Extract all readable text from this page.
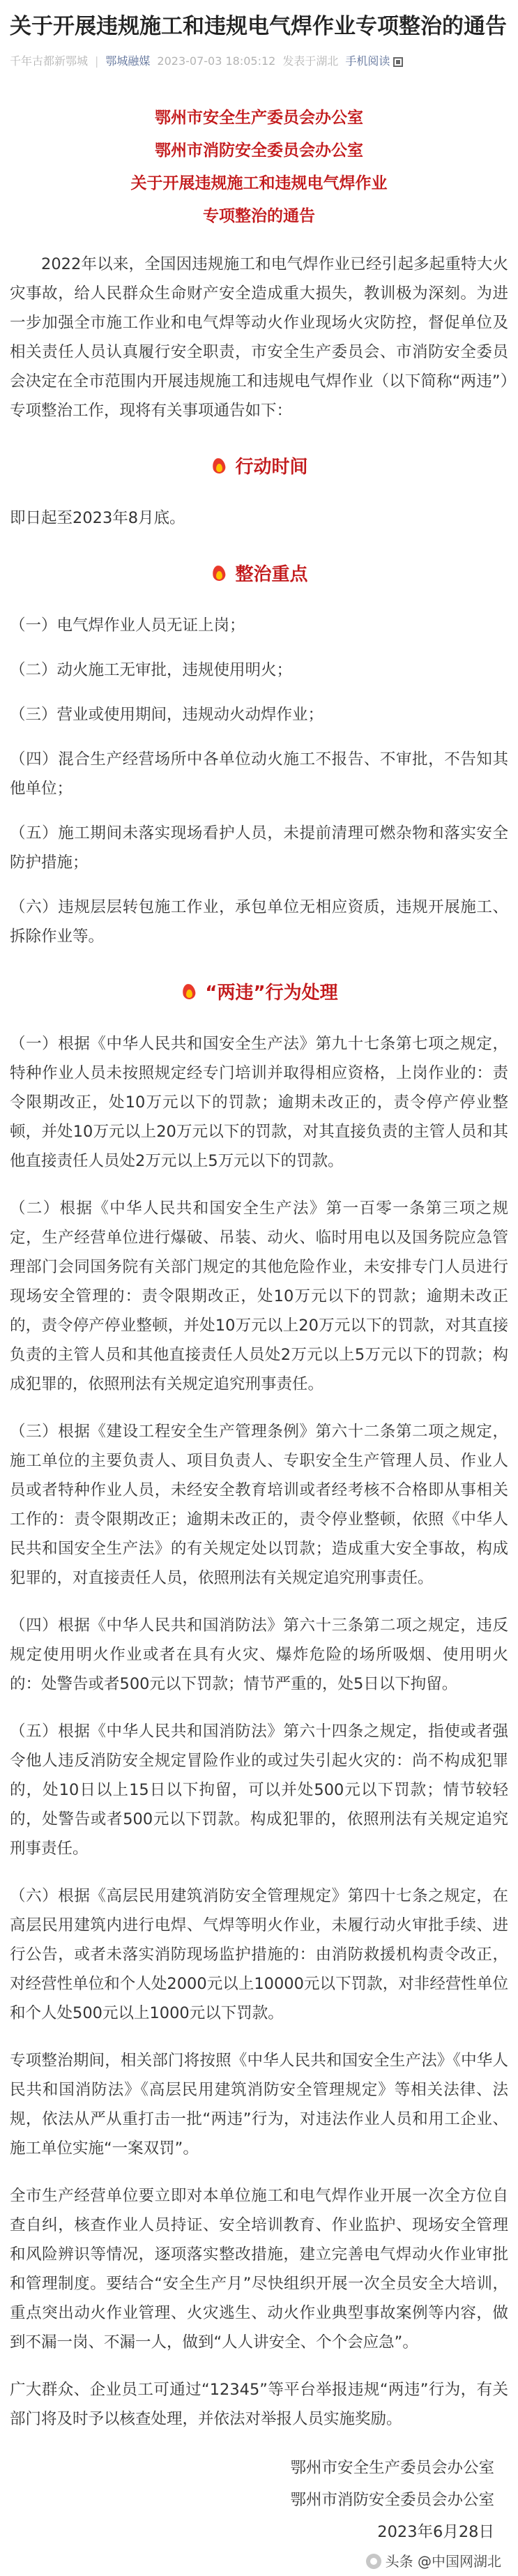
关于开展违规施工和违规电气焊作业专项整治的通告
千年古都新鄂城 | 鄂城融媒 2023-07-03 18:05:12 发表于湖北 手机阅读
鄂州市安全生产委员会办公室
鄂州市消防安全委员会办公室
关于开展违规施工和违规电气焊作业
专项整治的通告

2022年以来，全国因违规施工和电气焊作业已经引起多起重特大火灾事故，给人民群众生命财产安全造成重大损失，教训极为深刻。为进一步加强全市施工作业和电气焊等动火作业现场火灾防控，督促单位及相关责任人员认真履行安全职责，市安全生产委员会、市消防安全委员会决定在全市范围内开展违规施工和违规电气焊作业（以下简称“两违”）专项整治工作，现将有关事项通告如下：

行动时间

即日起至2023年8月底。

整治重点

（一）电气焊作业人员无证上岗；

（二）动火施工无审批，违规使用明火；

（三）营业或使用期间，违规动火动焊作业；

（四）混合生产经营场所中各单位动火施工不报告、不审批，不告知其他单位；

（五）施工期间未落实现场看护人员，未提前清理可燃杂物和落实安全防护措施；

（六）违规层层转包施工作业，承包单位无相应资质，违规开展施工、拆除作业等。

“两违”行为处理

（一）根据《中华人民共和国安全生产法》第九十七条第七项之规定，特种作业人员未按照规定经专门培训并取得相应资格，上岗作业的：责令限期改正，处10万元以下的罚款；逾期未改正的，责令停产停业整顿，并处10万元以上20万元以下的罚款，对其直接负责的主管人员和其他直接责任人员处2万元以上5万元以下的罚款。

（二）根据《中华人民共和国安全生产法》第一百零一条第三项之规定，生产经营单位进行爆破、吊装、动火、临时用电以及国务院应急管理部门会同国务院有关部门规定的其他危险作业，未安排专门人员进行现场安全管理的：责令限期改正，处10万元以下的罚款；逾期未改正的，责令停产停业整顿，并处10万元以上20万元以下的罚款，对其直接负责的主管人员和其他直接责任人员处2万元以上5万元以下的罚款；构成犯罪的，依照刑法有关规定追究刑事责任。

（三）根据《建设工程安全生产管理条例》第六十二条第二项之规定，施工单位的主要负责人、项目负责人、专职安全生产管理人员、作业人员或者特种作业人员，未经安全教育培训或者经考核不合格即从事相关工作的：责令限期改正；逾期未改正的，责令停业整顿，依照《中华人民共和国安全生产法》的有关规定处以罚款；造成重大安全事故，构成犯罪的，对直接责任人员，依照刑法有关规定追究刑事责任。

（四）根据《中华人民共和国消防法》第六十三条第二项之规定，违反规定使用明火作业或者在具有火灾、爆炸危险的场所吸烟、使用明火的：处警告或者500元以下罚款；情节严重的，处5日以下拘留。

（五）根据《中华人民共和国消防法》第六十四条之规定，指使或者强令他人违反消防安全规定冒险作业的或过失引起火灾的：尚不构成犯罪的，处10日以上15日以下拘留，可以并处500元以下罚款；情节较轻的，处警告或者500元以下罚款。构成犯罪的，依照刑法有关规定追究刑事责任。

（六）根据《高层民用建筑消防安全管理规定》第四十七条之规定，在高层民用建筑内进行电焊、气焊等明火作业，未履行动火审批手续、进行公告，或者未落实消防现场监护措施的：由消防救援机构责令改正，对经营性单位和个人处2000元以上10000元以下罚款，对非经营性单位和个人处500元以上1000元以下罚款。

专项整治期间，相关部门将按照《中华人民共和国安全生产法》《中华人民共和国消防法》《高层民用建筑消防安全管理规定》等相关法律、法规，依法从严从重打击一批“两违”行为，对违法作业人员和用工企业、施工单位实施“一案双罚”。

全市生产经营单位要立即对本单位施工和电气焊作业开展一次全方位自查自纠，核查作业人员持证、安全培训教育、作业监护、现场安全管理和风险辨识等情况，逐项落实整改措施，建立完善电气焊动火作业审批和管理制度。要结合“安全生产月”尽快组织开展一次全员安全大培训，重点突出动火作业管理、火灾逃生、动火作业典型事故案例等内容，做到不漏一岗、不漏一人，做到“人人讲安全、个个会应急”。

广大群众、企业员工可通过“12345”等平台举报违规“两违”行为，有关部门将及时予以核查处理，并依法对举报人员实施奖励。

鄂州市安全生产委员会办公室
鄂州市消防安全委员会办公室
2023年6月28日
头条 @中国网湖北
